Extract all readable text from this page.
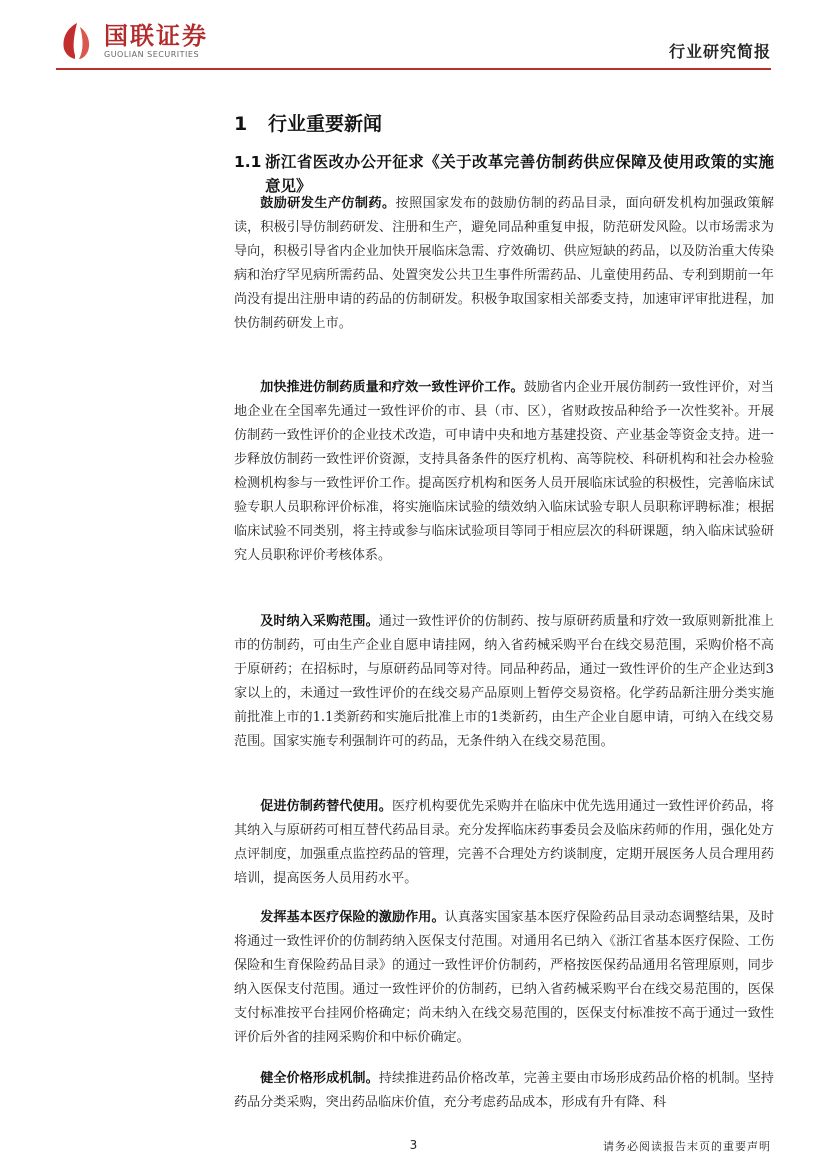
国联证券
GUOLIAN SECURITIES	行业研究简报
1 行业重要新闻
1.1 浙江省医改办公开征求《关于改革完善仿制药供应保障及使用政策的实施意见》
鼓励研发生产仿制药。按照国家发布的鼓励仿制的药品目录，面向研发机构加强政策解读，积极引导仿制药研发、注册和生产，避免同品种重复申报，防范研发风险。以市场需求为导向，积极引导省内企业加快开展临床急需、疗效确切、供应短缺的药品，以及防治重大传染病和治疗罕见病所需药品、处置突发公共卫生事件所需药品、儿童使用药品、专利到期前一年尚没有提出注册申请的药品的仿制研发。积极争取国家相关部委支持，加速审评审批进程，加快仿制药研发上市。
加快推进仿制药质量和疗效一致性评价工作。鼓励省内企业开展仿制药一致性评价，对当地企业在全国率先通过一致性评价的市、县（市、区），省财政按品种给予一次性奖补。开展仿制药一致性评价的企业技术改造，可申请中央和地方基建投资、产业基金等资金支持。进一步释放仿制药一致性评价资源，支持具备条件的医疗机构、高等院校、科研机构和社会办检验检测机构参与一致性评价工作。提高医疗机构和医务人员开展临床试验的积极性，完善临床试验专职人员职称评价标准，将实施临床试验的绩效纳入临床试验专职人员职称评聘标准；根据临床试验不同类别，将主持或参与临床试验项目等同于相应层次的科研课题，纳入临床试验研究人员职称评价考核体系。
及时纳入采购范围。通过一致性评价的仿制药、按与原研药质量和疗效一致原则新批准上市的仿制药，可由生产企业自愿申请挂网，纳入省药械采购平台在线交易范围，采购价格不高于原研药；在招标时，与原研药品同等对待。同品种药品，通过一致性评价的生产企业达到3家以上的，未通过一致性评价的在线交易产品原则上暂停交易资格。化学药品新注册分类实施前批准上市的1.1类新药和实施后批准上市的1类新药，由生产企业自愿申请，可纳入在线交易范围。国家实施专利强制许可的药品，无条件纳入在线交易范围。
促进仿制药替代使用。医疗机构要优先采购并在临床中优先选用通过一致性评价药品，将其纳入与原研药可相互替代药品目录。充分发挥临床药事委员会及临床药师的作用，强化处方点评制度，加强重点监控药品的管理，完善不合理处方约谈制度，定期开展医务人员合理用药培训，提高医务人员用药水平。
发挥基本医疗保险的激励作用。认真落实国家基本医疗保险药品目录动态调整结果，及时将通过一致性评价的仿制药纳入医保支付范围。对通用名已纳入《浙江省基本医疗保险、工伤保险和生育保险药品目录》的通过一致性评价仿制药，严格按医保药品通用名管理原则，同步纳入医保支付范围。通过一致性评价的仿制药，已纳入省药械采购平台在线交易范围的，医保支付标准按平台挂网价格确定；尚未纳入在线交易范围的，医保支付标准按不高于通过一致性评价后外省的挂网采购价和中标价确定。
健全价格形成机制。持续推进药品价格改革，完善主要由市场形成药品价格的机制。坚持药品分类采购，突出药品临床价值，充分考虑药品成本，形成有升有降、科
3	请务必阅读报告末页的重要声明
